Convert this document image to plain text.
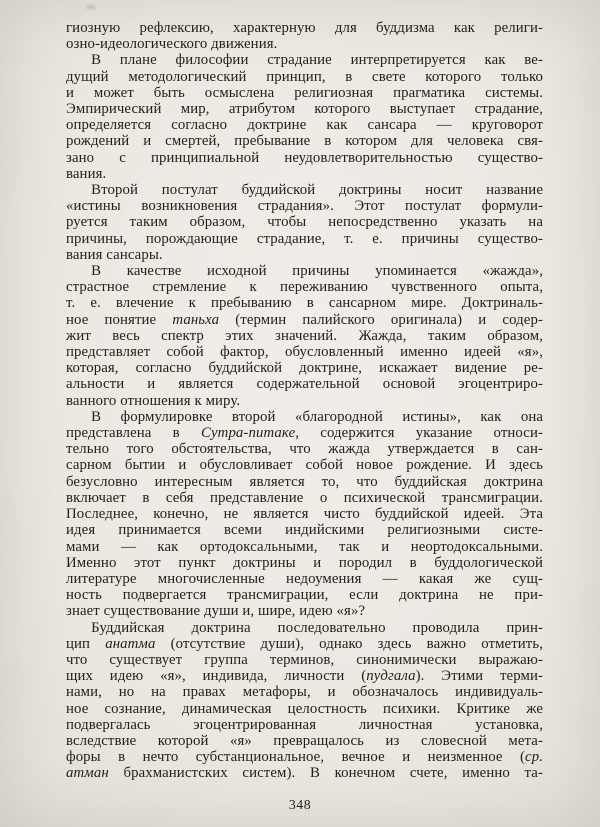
гиозную рефлексию, характерную для буддизма как религи-
озно-идеологического движения.
В плане философии страдание интерпретируется как ве-
дущий методологический принцип, в свете которого только
и может быть осмыслена религиозная прагматика системы.
Эмпирический мир, атрибутом которого выступает страдание,
определяется согласно доктрине как сансара — круговорот
рождений и смертей, пребывание в котором для человека свя-
зано с принципиальной неудовлетворительностью существо-
вания.
Второй постулат буддийской доктрины носит название
«истины возникновения страдания». Этот постулат формули-
руется таким образом, чтобы непосредственно указать на
причины, порождающие страдание, т. е. причины существо-
вания сансары.
В качестве исходной причины упоминается «жажда»,
страстное стремление к переживанию чувственного опыта,
т. е. влечение к пребыванию в сансарном мире. Доктриналь-
ное понятие таньха (термин палийского оригинала) и содер-
жит весь спектр этих значений. Жажда, таким образом,
представляет собой фактор, обусловленный именно идеей «я»,
которая, согласно буддийской доктрине, искажает видение ре-
альности и является содержательной основой эгоцентриро-
ванного отношения к миру.
В формулировке второй «благородной истины», как она
представлена в Сутра-питаке, содержится указание относи-
тельно того обстоятельства, что жажда утверждается в сан-
сарном бытии и обусловливает собой новое рождение. И здесь
безусловно интересным является то, что буддийская доктрина
включает в себя представление о психической трансмиграции.
Последнее, конечно, не является чисто буддийской идеей. Эта
идея принимается всеми индийскими религиозными систе-
мами — как ортодоксальными, так и неортодоксальными.
Именно этот пункт доктрины и породил в буддологической
литературе многочисленные недоумения — какая же сущ-
ность подвергается трансмиграции, если доктрина не при-
знает существование души и, шире, идею «я»?
Буддийская доктрина последовательно проводила прин-
цип анатма (отсутствие души), однако здесь важно отметить,
что существует группа терминов, синонимически выражаю-
щих идею «я», индивида, личности (пудгала). Этими терми-
нами, но на правах метафоры, и обозначалось индивидуаль-
ное сознание, динамическая целостность психики. Критике же
подвергалась эгоцентрированная личностная установка,
вследствие которой «я» превращалось из словесной мета-
форы в нечто субстанциональное, вечное и неизменное (ср.
атман брахманистских систем). В конечном счете, именно та-
348
